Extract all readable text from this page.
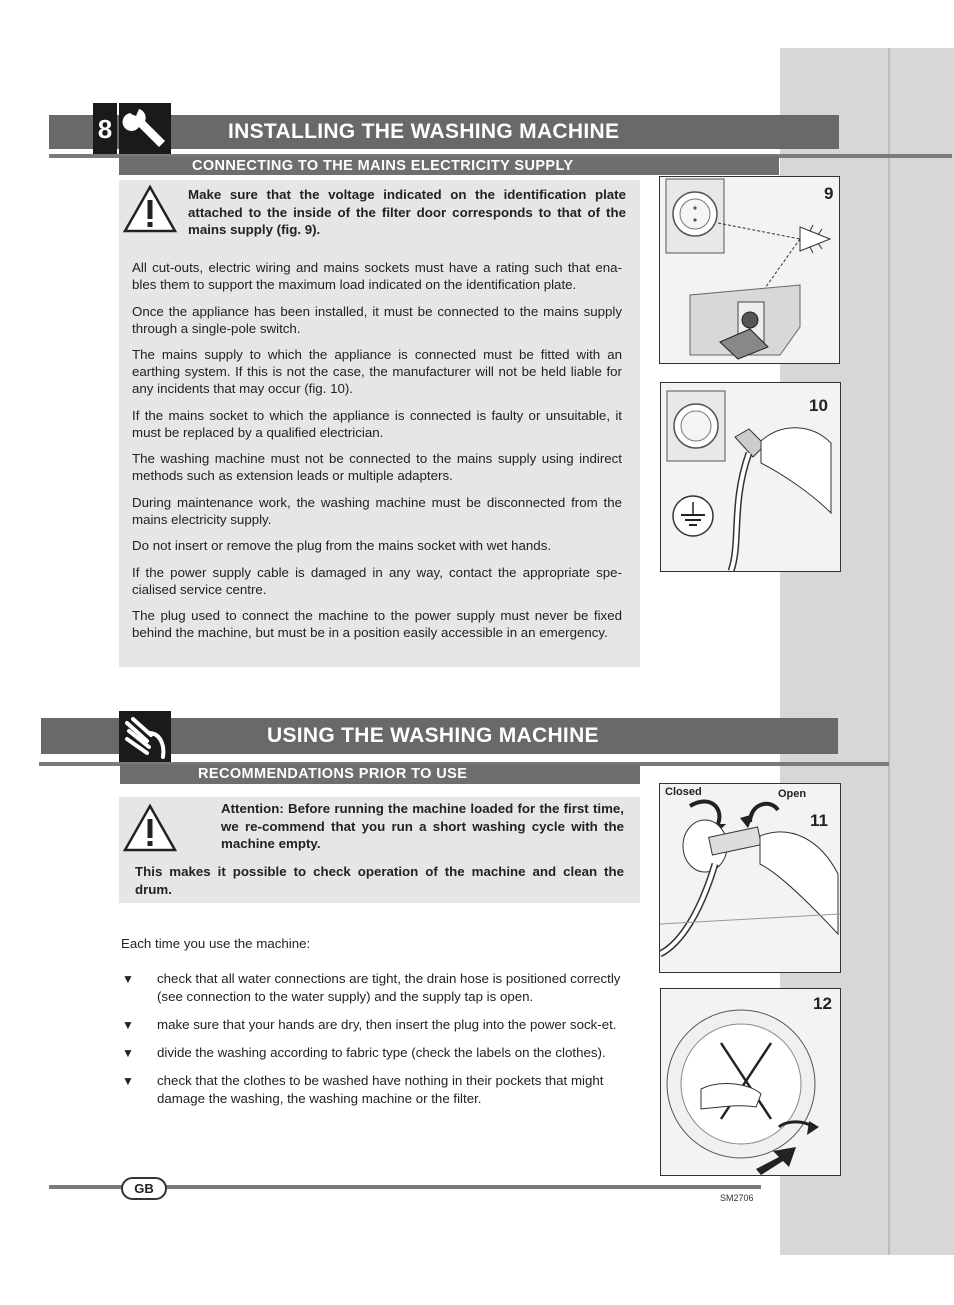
INSTALLING THE WASHING MACHINE
8
CONNECTING TO THE MAINS ELECTRICITY SUPPLY
Make sure that the voltage indicated on the identification plate attached to the inside of the filter door corresponds to that of the mains supply (fig. 9).

All cut-outs, electric wiring and mains sockets must have a rating such that ena-bles them to support the maximum load indicated on the identification plate.

Once the appliance has been installed, it must be connected to the mains supply through a single-pole switch.

The mains supply to which the appliance is connected must be fitted with an earthing system. If this is not the case, the manufacturer will not be held liable for any incidents that may occur (fig. 10).

If the mains socket to which the appliance is connected is faulty or unsuitable, it must be replaced by a qualified electrician.

The washing machine must not be connected to the mains supply using indirect methods such as extension leads or multiple adapters.

During maintenance work, the washing machine must be disconnected from the mains electricity supply.

Do not insert or remove the plug from the mains socket with wet hands.

If the power supply cable is damaged in any way, contact the appropriate spe-cialised service centre.

The plug used to connect the machine to the power supply must never be fixed behind the machine, but must be in a position easily accessible in an emergency.

9
10
USING THE WASHING MACHINE
RECOMMENDATIONS PRIOR TO USE
Attention: Before running the machine loaded for the first time, we re-commend that you run a short washing cycle with the machine empty.
This makes it possible to check operation of the machine and clean the drum.
Each time you use the machine:
▼	check that all water connections are tight, the drain hose is positioned correctly (see connection to the water supply) and the supply tap is open.
▼	make sure that your hands are dry, then insert the plug into the power sock-et.
▼	divide the washing according to fabric type (check the labels on the clothes).
▼	check that the clothes to be washed have nothing in their pockets that might damage the washing, the washing machine or the filter.
Closed	Open
11
12
GB
SM2706
